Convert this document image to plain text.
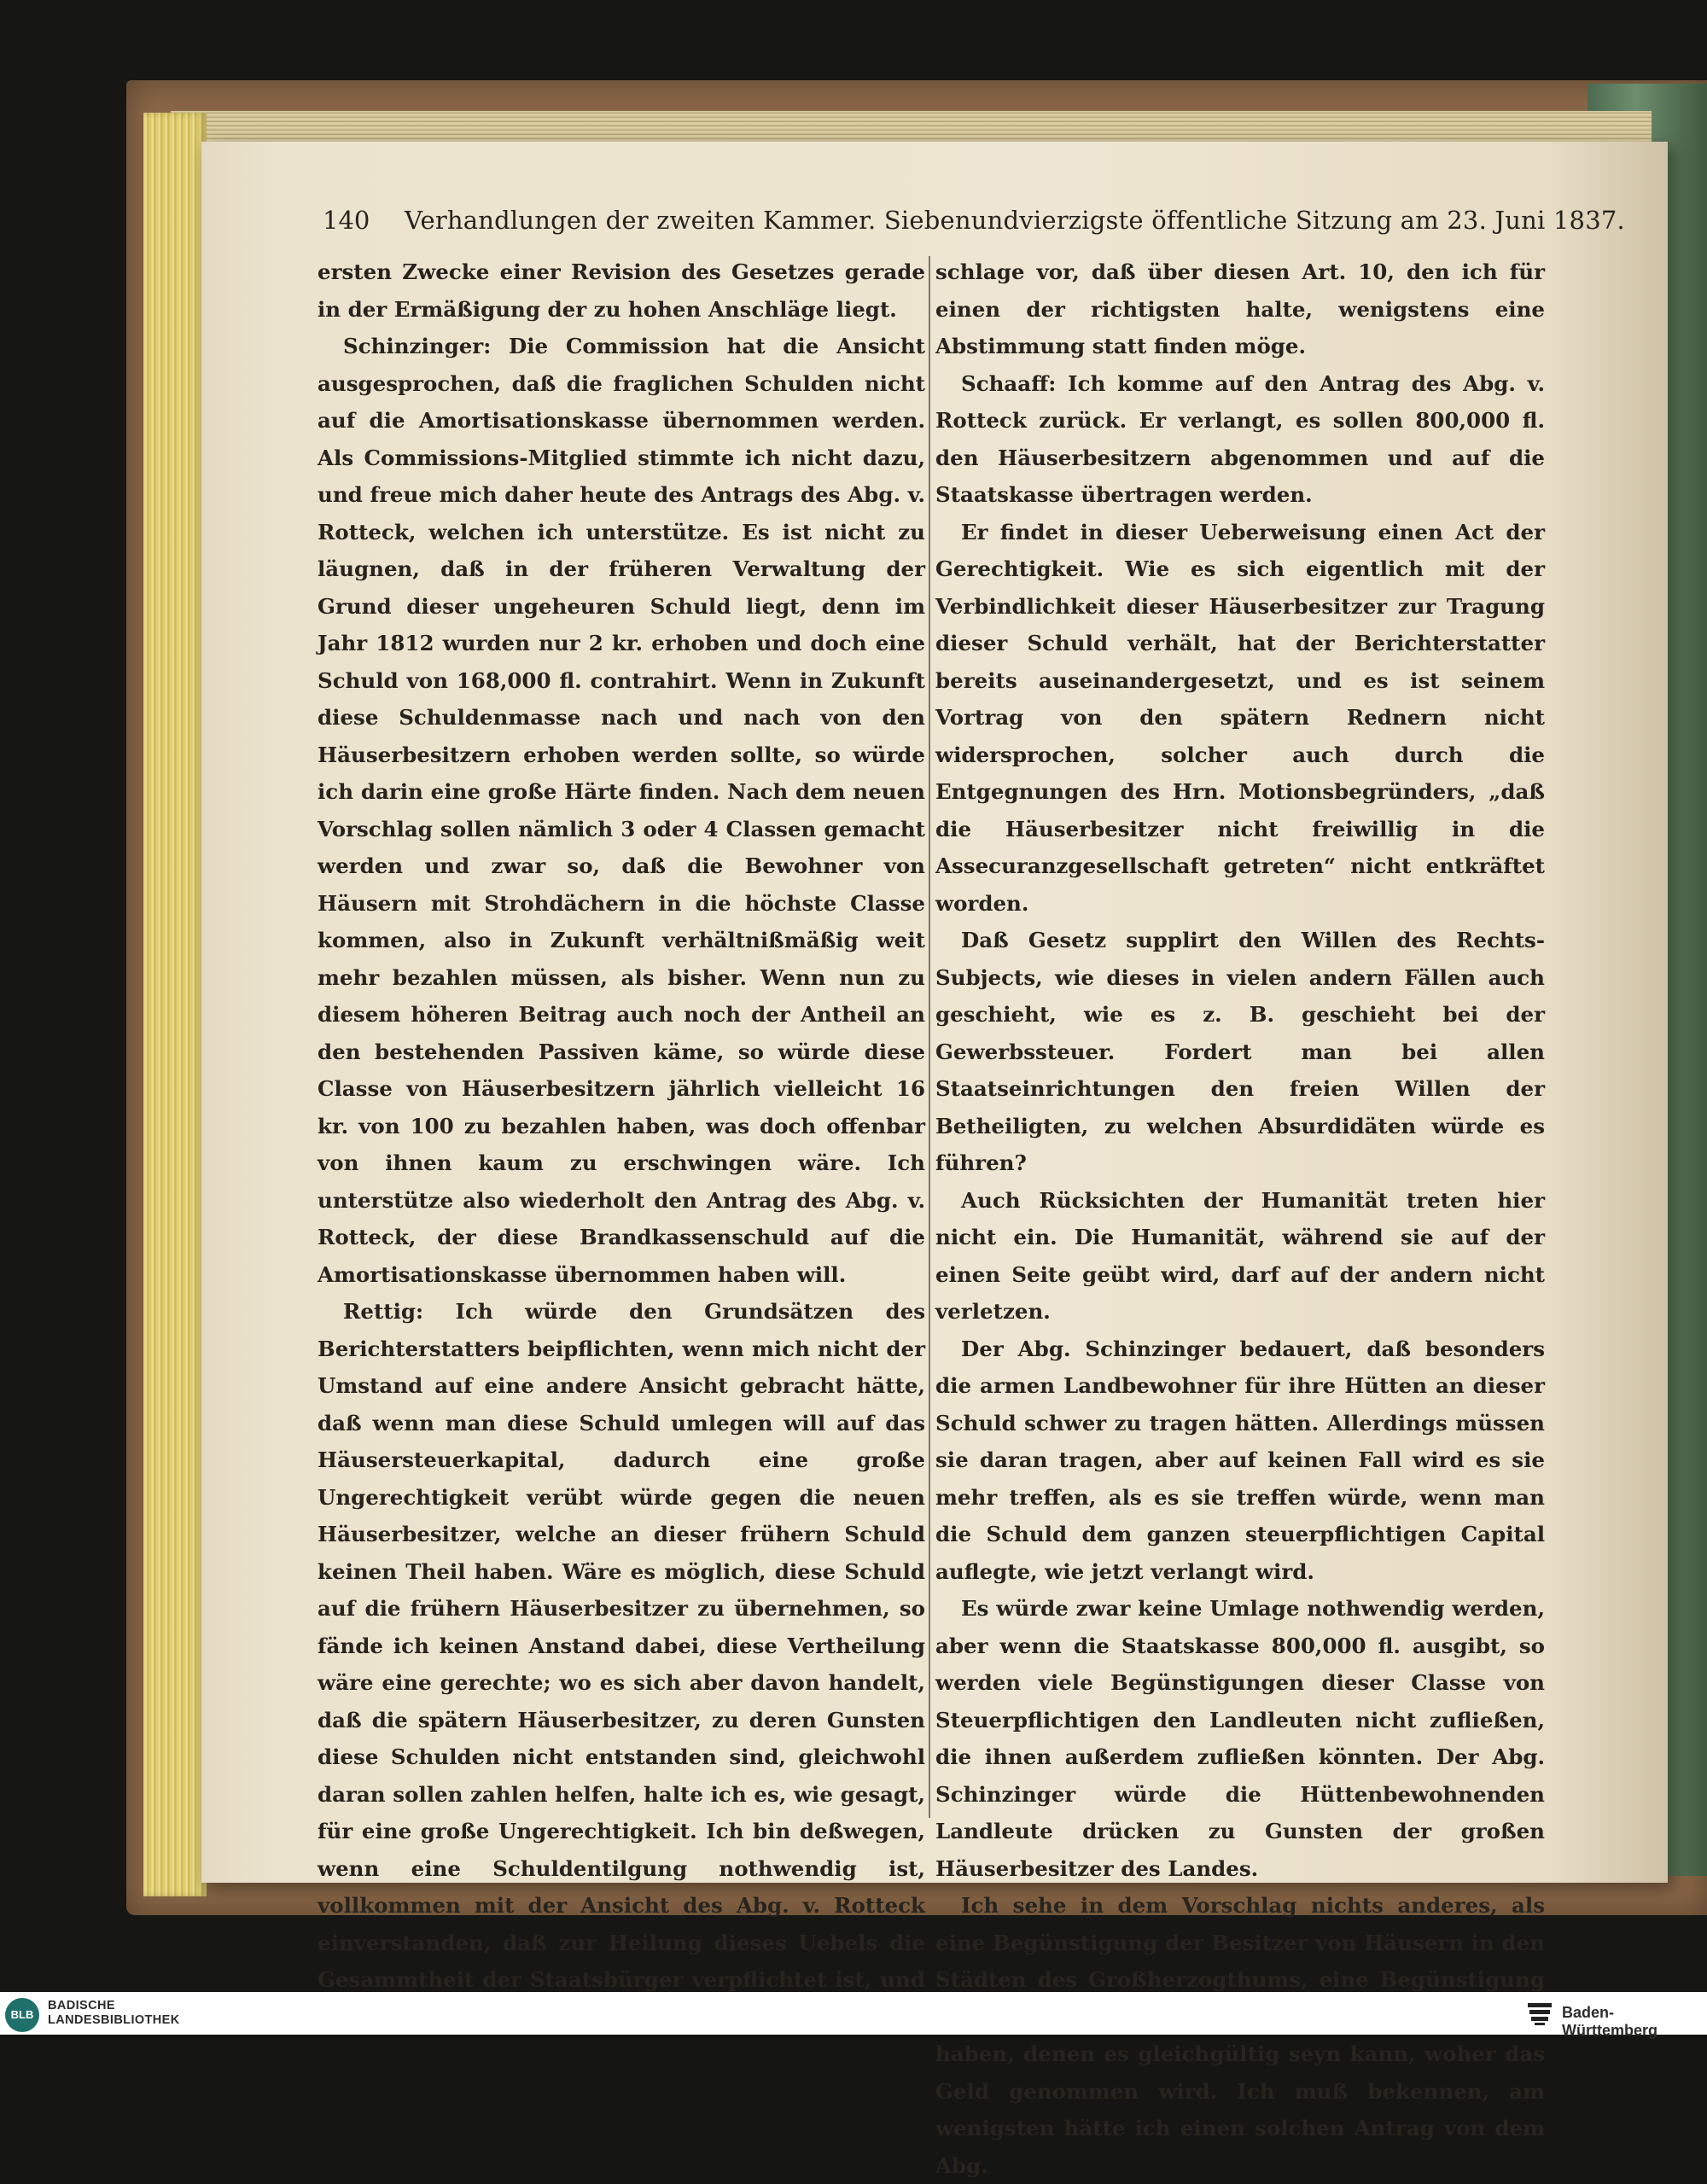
140 Verhandlungen der zweiten Kammer. Siebenundvierzigste öffentliche Sitzung am 23. Juni 1837.

ersten Zwecke einer Revision des Gesetzes gerade in der Ermäßigung der zu hohen Anschläge liegt.

Schinzinger: Die Commission hat die Ansicht ausgesprochen, daß die fraglichen Schulden nicht auf die Amortisationskasse übernommen werden. Als Commissions-Mitglied stimmte ich nicht dazu, und freue mich daher heute des Antrags des Abg. v. Rotteck, welchen ich unterstütze. Es ist nicht zu läugnen, daß in der früheren Verwaltung der Grund dieser ungeheuren Schuld liegt, denn im Jahr 1812 wurden nur 2 kr. erhoben und doch eine Schuld von 168,000 fl. contrahirt. Wenn in Zukunft diese Schuldenmasse nach und nach von den Häuserbesitzern erhoben werden sollte, so würde ich darin eine große Härte finden. Nach dem neuen Vorschlag sollen nämlich 3 oder 4 Classen gemacht werden und zwar so, daß die Bewohner von Häusern mit Strohdächern in die höchste Classe kommen, also in Zukunft verhältnißmäßig weit mehr bezahlen müssen, als bisher. Wenn nun zu diesem höheren Beitrag auch noch der Antheil an den bestehenden Passiven käme, so würde diese Classe von Häuserbesitzern jährlich vielleicht 16 kr. von 100 zu bezahlen haben, was doch offenbar von ihnen kaum zu erschwingen wäre. Ich unterstütze also wiederholt den Antrag des Abg. v. Rotteck, der diese Brandkassenschuld auf die Amortisationskasse übernommen haben will.

Rettig: Ich würde den Grundsätzen des Berichterstatters beipflichten, wenn mich nicht der Umstand auf eine andere Ansicht gebracht hätte, daß wenn man diese Schuld umlegen will auf das Häusersteuerkapital, dadurch eine große Ungerechtigkeit verübt würde gegen die neuen Häuserbesitzer, welche an dieser frühern Schuld keinen Theil haben. Wäre es möglich, diese Schuld auf die frühern Häuserbesitzer zu übernehmen, so fände ich keinen Anstand dabei, diese Vertheilung wäre eine gerechte; wo es sich aber davon handelt, daß die spätern Häuserbesitzer, zu deren Gunsten diese Schulden nicht entstanden sind, gleichwohl daran sollen zahlen helfen, halte ich es, wie gesagt, für eine große Ungerechtigkeit. Ich bin deßwegen, wenn eine Schuldentilgung nothwendig ist, vollkommen mit der Ansicht des Abg. v. Rotteck einverstanden, daß zur Heilung dieses Uebels die Gesammtheit der Staatsbürger verpflichtet ist, und

schlage vor, daß über diesen Art. 10, den ich für einen der richtigsten halte, wenigstens eine Abstimmung statt finden möge.

Schaaff: Ich komme auf den Antrag des Abg. v. Rotteck zurück. Er verlangt, es sollen 800,000 fl. den Häuserbesitzern abgenommen und auf die Staatskasse übertragen werden.

Er findet in dieser Ueberweisung einen Act der Gerechtigkeit. Wie es sich eigentlich mit der Verbindlichkeit dieser Häuserbesitzer zur Tragung dieser Schuld verhält, hat der Berichterstatter bereits auseinandergesetzt, und es ist seinem Vortrag von den spätern Rednern nicht widersprochen, solcher auch durch die Entgegnungen des Hrn. Motionsbegründers, „daß die Häuserbesitzer nicht freiwillig in die Assecuranzgesellschaft getreten“ nicht entkräftet worden.

Daß Gesetz supplirt den Willen des Rechts-Subjects, wie dieses in vielen andern Fällen auch geschieht, wie es z. B. geschieht bei der Gewerbssteuer. Fordert man bei allen Staatseinrichtungen den freien Willen der Betheiligten, zu welchen Absurdidäten würde es führen?

Auch Rücksichten der Humanität treten hier nicht ein. Die Humanität, während sie auf der einen Seite geübt wird, darf auf der andern nicht verletzen.

Der Abg. Schinzinger bedauert, daß besonders die armen Landbewohner für ihre Hütten an dieser Schuld schwer zu tragen hätten. Allerdings müssen sie daran tragen, aber auf keinen Fall wird es sie mehr treffen, als es sie treffen würde, wenn man die Schuld dem ganzen steuerpflichtigen Capital auflegte, wie jetzt verlangt wird.

Es würde zwar keine Umlage nothwendig werden, aber wenn die Staatskasse 800,000 fl. ausgibt, so werden viele Begünstigungen dieser Classe von Steuerpflichtigen den Landleuten nicht zufließen, die ihnen außerdem zufließen könnten. Der Abg. Schinzinger würde die Hüttenbewohnenden Landleute drücken zu Gunsten der großen Häuserbesitzer des Landes.

Ich sehe in dem Vorschlag nichts anderes, als eine Begünstigung der Besitzer von Häusern in den Städten des Großherzogthums, eine Begünstigung haben, denen es gleichgültig seyn kann, woher das Geld genommen wird. Ich muß bekennen, am wenigsten hätte ich einen solchen Antrag von dem Abg.

BLB
BADISCHE
LANDESBIBLIOTHEK	Baden-Württemberg
